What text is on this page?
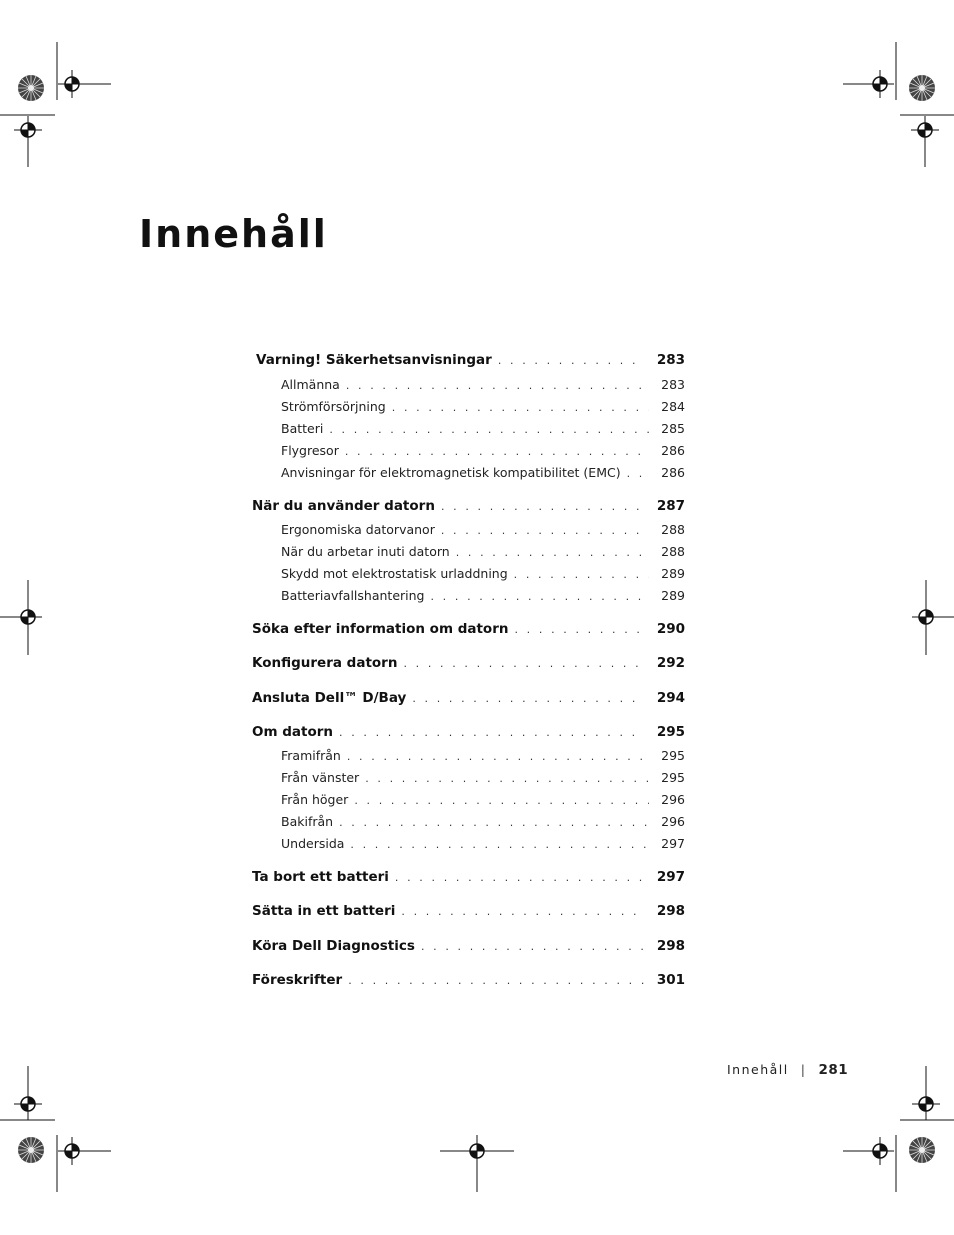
Innehåll
Varning! Säkerhetsanvisningar . . .	283
Allmänna . . .	283
Strömförsörjning . . .	284
Batteri . . .	285
Flygresor . . .	286
Anvisningar för elektromagnetisk kompatibilitet (EMC) . . .	286
När du använder datorn . . .	287
Ergonomiska datorvanor . . .	288
När du arbetar inuti datorn . . .	288
Skydd mot elektrostatisk urladdning . . .	289
Batteriavfallshantering . . .	289
Söka efter information om datorn . . .	290
Konfigurera datorn . . .	292
Ansluta Dell™ D/Bay . . .	294
Om datorn . . .	295
Framifrån . . .	295
Från vänster . . .	295
Från höger . . .	296
Bakifrån . . .	296
Undersida . . .	297
Ta bort ett batteri . . .	297
Sätta in ett batteri . . .	298
Köra Dell Diagnostics . . .	298
Föreskrifter . . .	301
Innehåll | 281
